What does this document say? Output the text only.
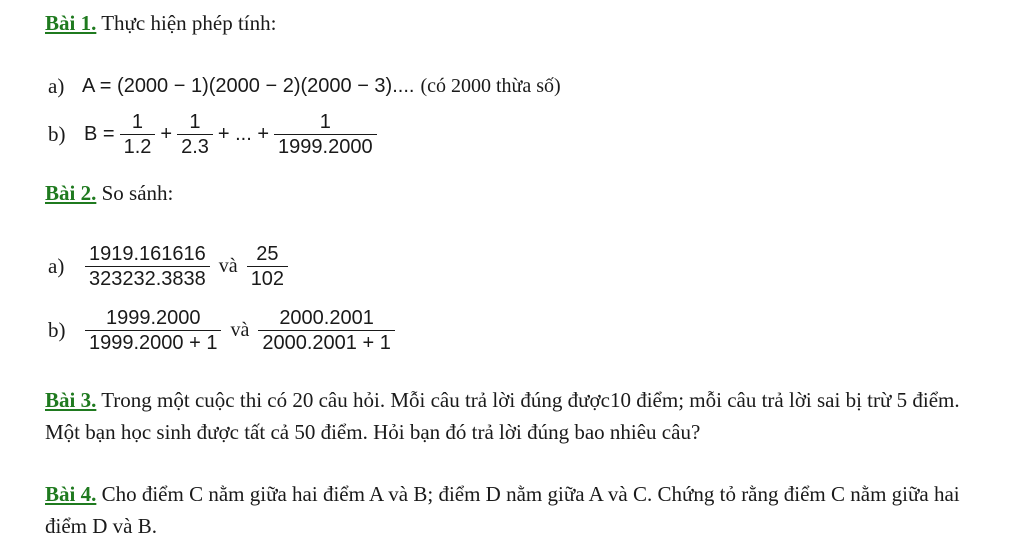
Bài 1. Thực hiện phép tính:
a) A = (2000 − 1)(2000 − 2)(2000 − 3).... (có 2000 thừa số)
b) $B = \frac{1}{1.2} + \frac{1}{2.3}$ + ... + $\frac{1}{1999.2000}$
Bài 2. So sánh:
a)	$\frac{1919.161616}{323232.3838}$ và $\frac{25}{102}$
$b) \frac{1999.2000}{1999.2000 + 1}$ và $\frac{2000.2001}{2000.2001 + 1}$
Bài 3. Trong một cuộc thi có 20 câu hỏi. Mỗi câu trả lời đúng được10 điểm; mỗi câu trả lời sai bị trừ 5 điểm. Một bạn học sinh được tất cả 50 điểm. Hỏi bạn đó trả lời đúng bao nhiêu câu?
Bài 4. Cho điểm C nằm giữa hai điểm A và B; điểm D nằm giữa A và C. Chứng tỏ rằng điểm C nằm giữa hai điểm D và B.
